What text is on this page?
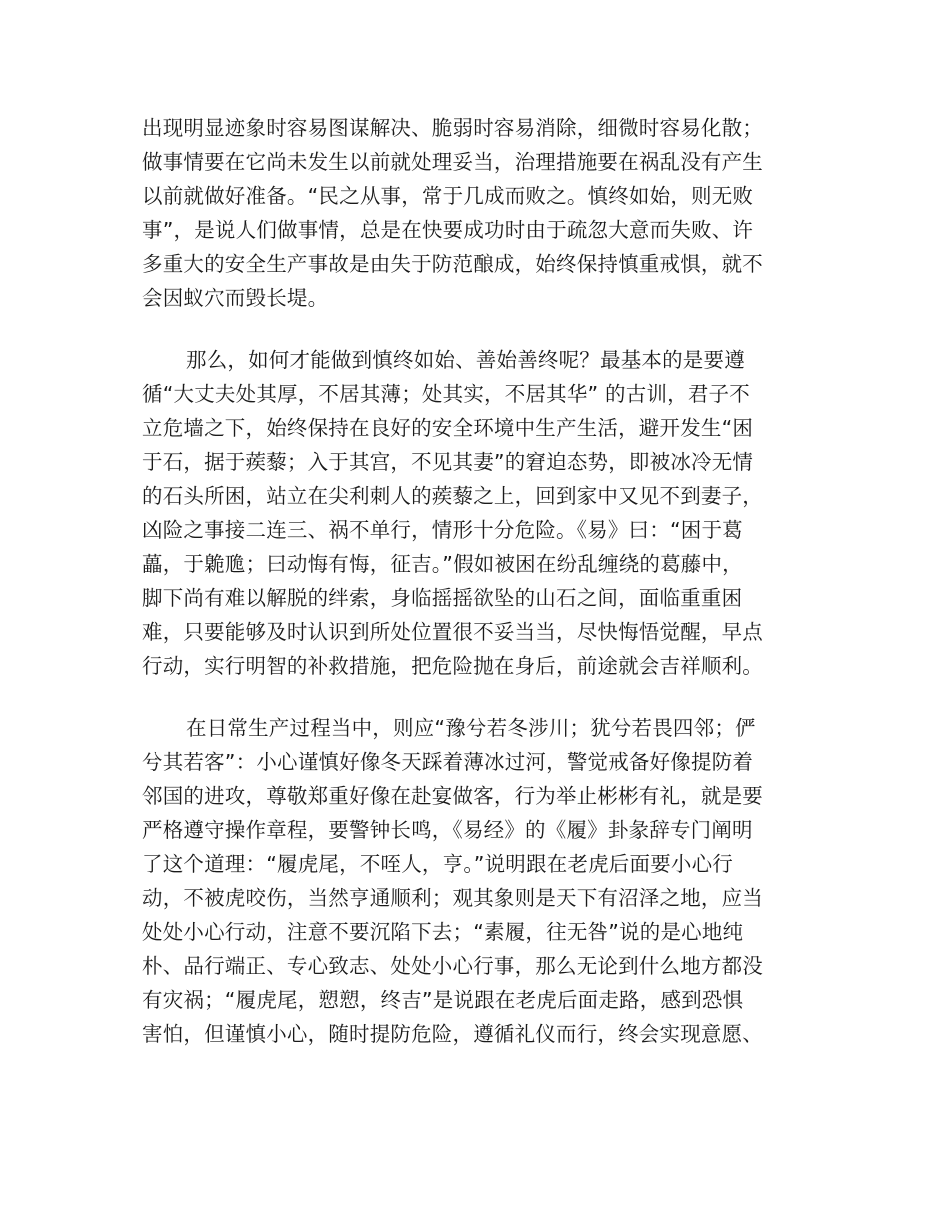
出现明显迹象时容易图谋解决、脆弱时容易消除，细微时容易化散；
做事情要在它尚未发生以前就处理妥当，治理措施要在祸乱没有产生
以前就做好准备。“民之从事，常于几成而败之。慎终如始，则无败
事”，是说人们做事情，总是在快要成功时由于疏忽大意而失败、许
多重大的安全生产事故是由失于防范酿成，始终保持慎重戒惧，就不
会因蚁穴而毁长堤。
那么，如何才能做到慎终如始、善始善终呢？最基本的是要遵
循“大丈夫处其厚，不居其薄；处其实，不居其华” 的古训，君子不
立危墙之下，始终保持在良好的安全环境中生产生活，避开发生“困
于石，据于蒺藜；入于其宫，不见其妻”的窘迫态势，即被冰冷无情
的石头所困，站立在尖利刺人的蒺藜之上，回到家中又见不到妻子，
凶险之事接二连三、祸不单行，情形十分危险。《易》曰：“困于葛
藟，于臲卼；曰动悔有悔，征吉。”假如被困在纷乱缠绕的葛藤中，
脚下尚有难以解脱的绊索，身临摇摇欲坠的山石之间，面临重重困
难，只要能够及时认识到所处位置很不妥当当，尽快悔悟觉醒，早点
行动，实行明智的补救措施，把危险抛在身后，前途就会吉祥顺利。
在日常生产过程当中，则应“豫兮若冬涉川；犹兮若畏四邻；俨
兮其若客”：小心谨慎好像冬天踩着薄冰过河，警觉戒备好像提防着
邻国的进攻，尊敬郑重好像在赴宴做客，行为举止彬彬有礼，就是要
严格遵守操作章程，要警钟长鸣，《易经》的《履》卦彖辞专门阐明
了这个道理：“履虎尾，不咥人，亨。”说明跟在老虎后面要小心行
动，不被虎咬伤，当然亨通顺利；观其象则是天下有沼泽之地，应当
处处小心行动，注意不要沉陷下去；“素履，往无咎”说的是心地纯
朴、品行端正、专心致志、处处小心行事，那么无论到什么地方都没
有灾祸；“履虎尾，愬愬，终吉”是说跟在老虎后面走路，感到恐惧
害怕，但谨慎小心，随时提防危险，遵循礼仪而行，终会实现意愿、
